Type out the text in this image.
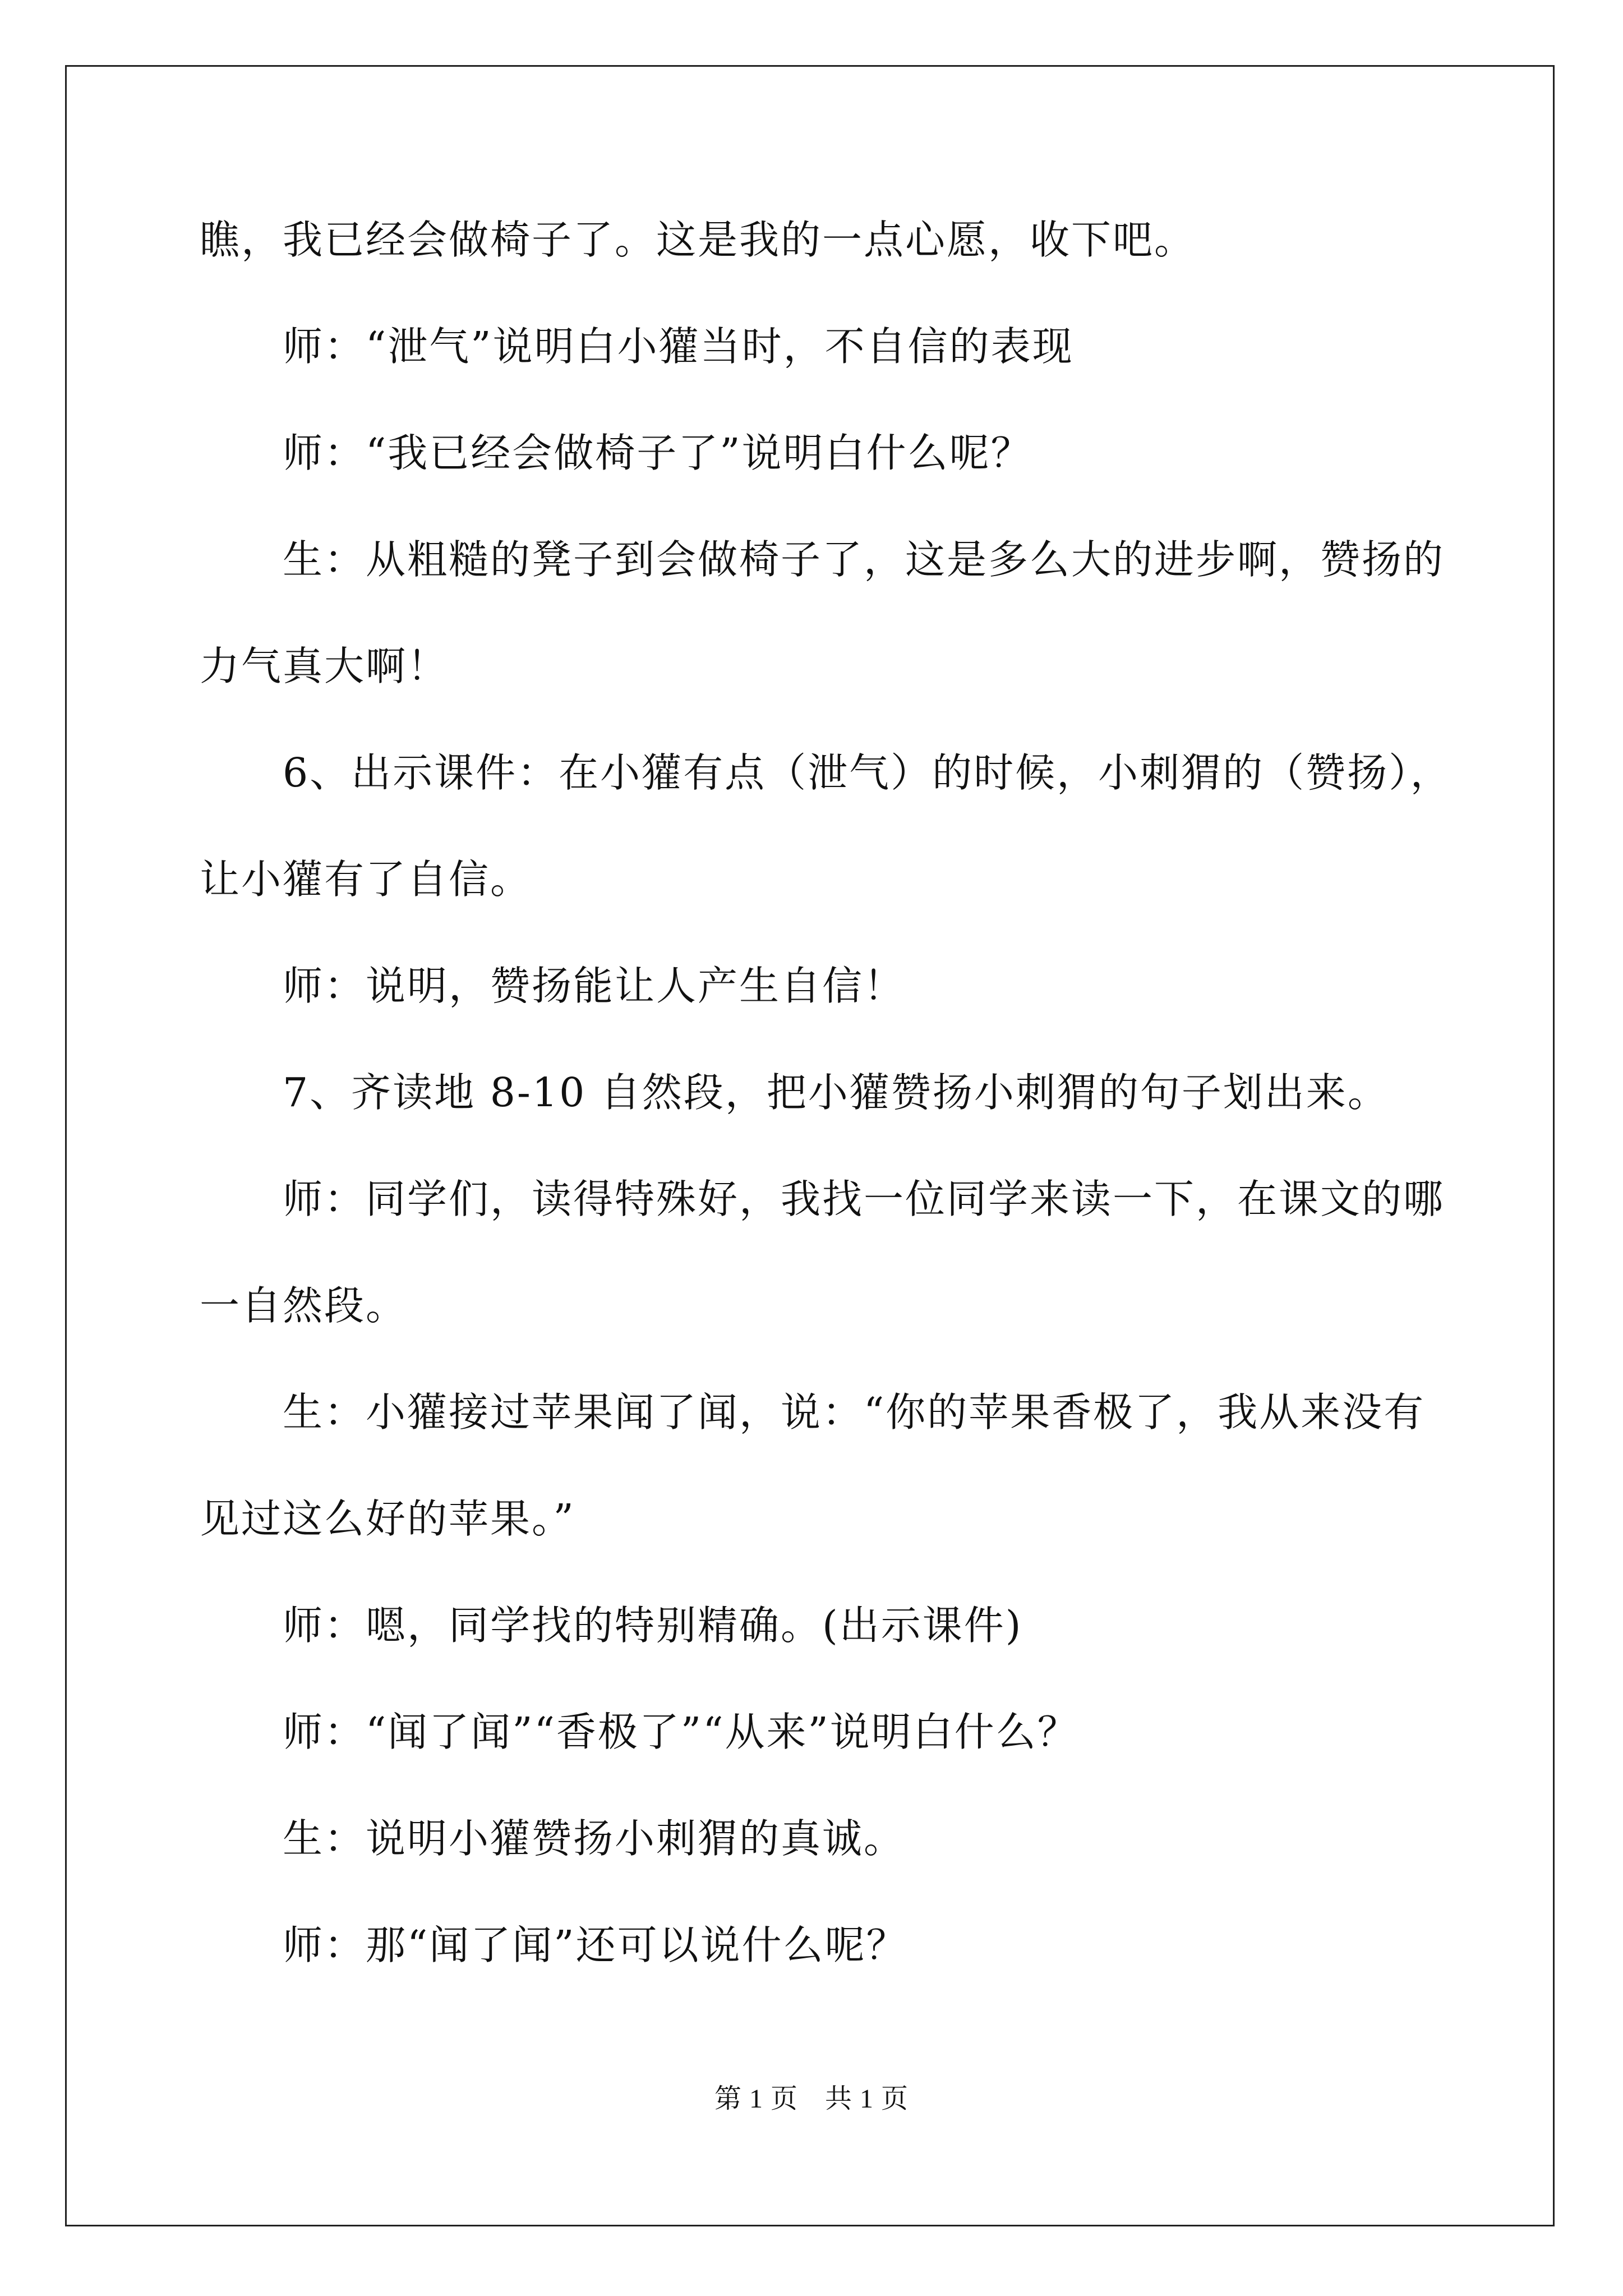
瞧，我已经会做椅子了。这是我的一点心愿，收下吧。
师：“泄气”说明白小獾当时，不自信的表现
师：“我已经会做椅子了”说明白什么呢？
生：从粗糙的凳子到会做椅子了，这是多么大的进步啊，赞扬的
力气真大啊！
6、出示课件：在小獾有点（泄气）的时候，小刺猬的（赞扬），
让小獾有了自信。
师：说明，赞扬能让人产生自信！
7、齐读地 8-10 自然段，把小獾赞扬小刺猬的句子划出来。
师：同学们，读得特殊好，我找一位同学来读一下，在课文的哪
一自然段。
生：小獾接过苹果闻了闻，说：“你的苹果香极了，我从来没有
见过这么好的苹果。”
师：嗯，同学找的特别精确。(出示课件)
师：“闻了闻”“香极了”“从来”说明白什么？
生：说明小獾赞扬小刺猬的真诚。
师：那“闻了闻”还可以说什么呢？
第 1 页 共 1 页
